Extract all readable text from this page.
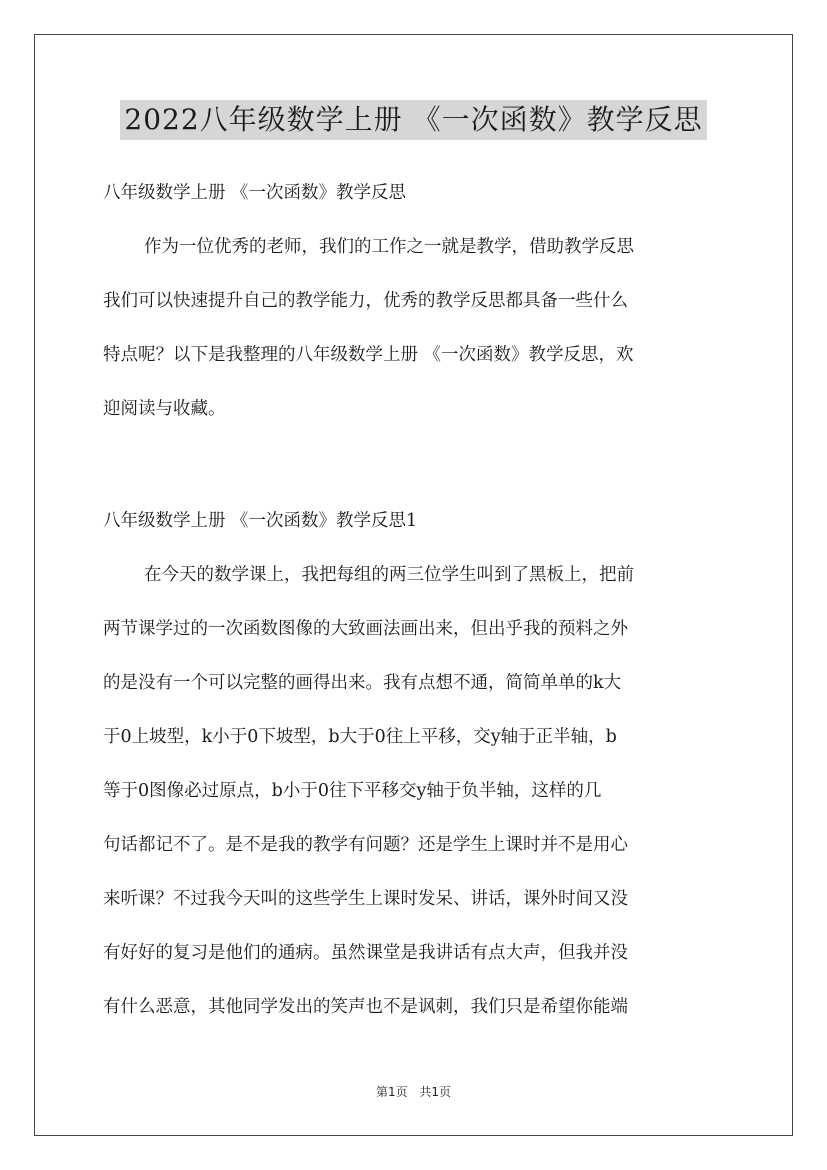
2022八年级数学上册 《一次函数》教学反思
八年级数学上册 《一次函数》教学反思
作为一位优秀的老师，我们的工作之一就是教学，借助教学反思
我们可以快速提升自己的教学能力，优秀的教学反思都具备一些什么
特点呢？以下是我整理的八年级数学上册 《一次函数》教学反思，欢
迎阅读与收藏。
八年级数学上册 《一次函数》教学反思1
在今天的数学课上，我把每组的两三位学生叫到了黑板上，把前
两节课学过的一次函数图像的大致画法画出来，但出乎我的预料之外
的是没有一个可以完整的画得出来。我有点想不通，简简单单的k大
于0上坡型，k小于0下坡型，b大于0往上平移，交y轴于正半轴，b
等于0图像必过原点，b小于0往下平移交y轴于负半轴，这样的几
句话都记不了。是不是我的教学有问题？还是学生上课时并不是用心
来听课？不过我今天叫的这些学生上课时发呆、讲话，课外时间又没
有好好的复习是他们的通病。虽然课堂是我讲话有点大声，但我并没
有什么恶意，其他同学发出的笑声也不是讽刺，我们只是希望你能端
第1页 共1页
